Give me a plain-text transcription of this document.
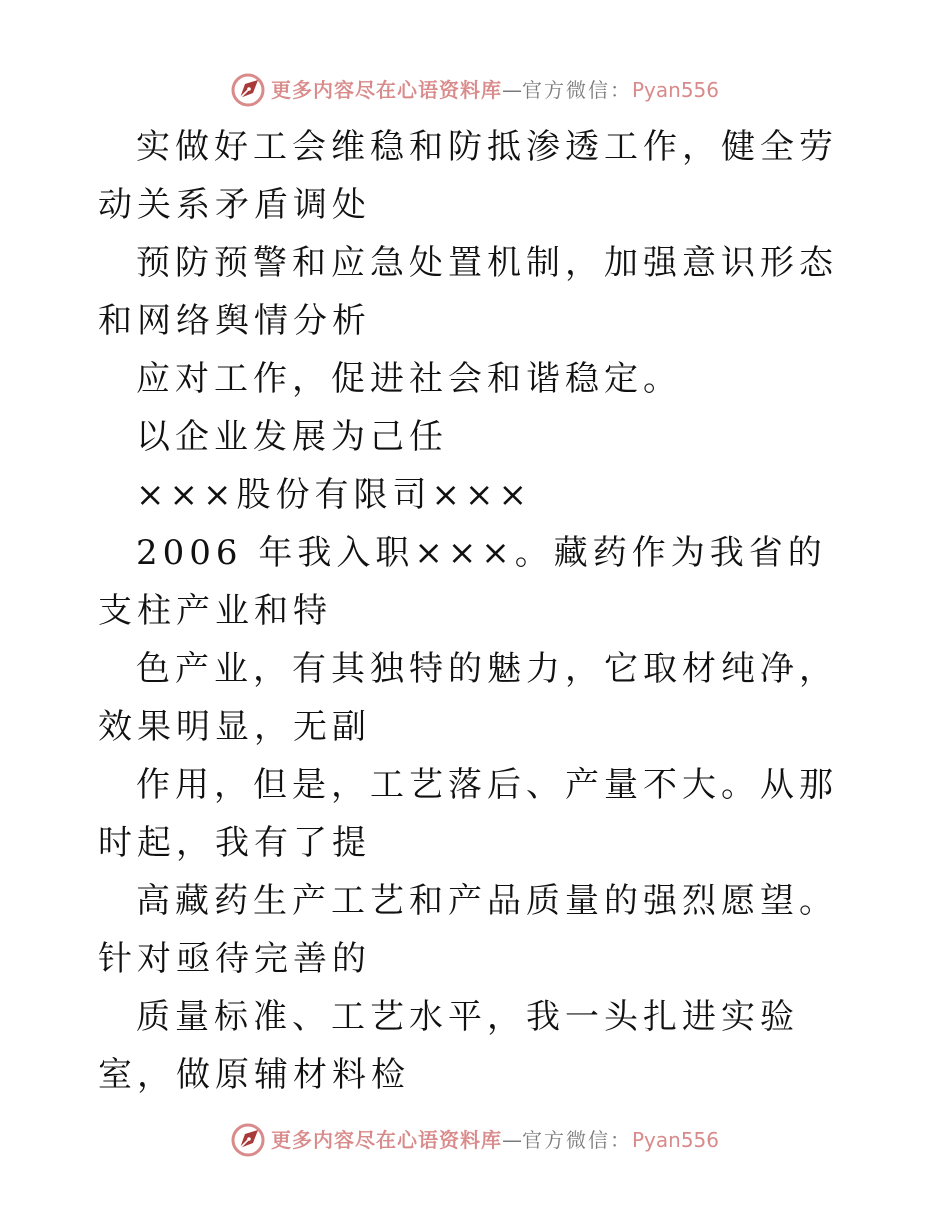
更多内容尽在心语资料库—官方微信：Pyan556

实做好工会维稳和防抵渗透工作，健全劳动关系矛盾调处

预防预警和应急处置机制，加强意识形态和网络舆情分析

应对工作，促进社会和谐稳定。

以企业发展为己任

×××股份有限司×××

2006 年我入职×××。藏药作为我省的支柱产业和特

色产业，有其独特的魅力，它取材纯净，效果明显，无副

作用，但是，工艺落后、产量不大。从那时起，我有了提

高藏药生产工艺和产品质量的强烈愿望。针对亟待完善的

质量标准、工艺水平，我一头扎进实验室，做原辅材料检

更多内容尽在心语资料库—官方微信：Pyan556
